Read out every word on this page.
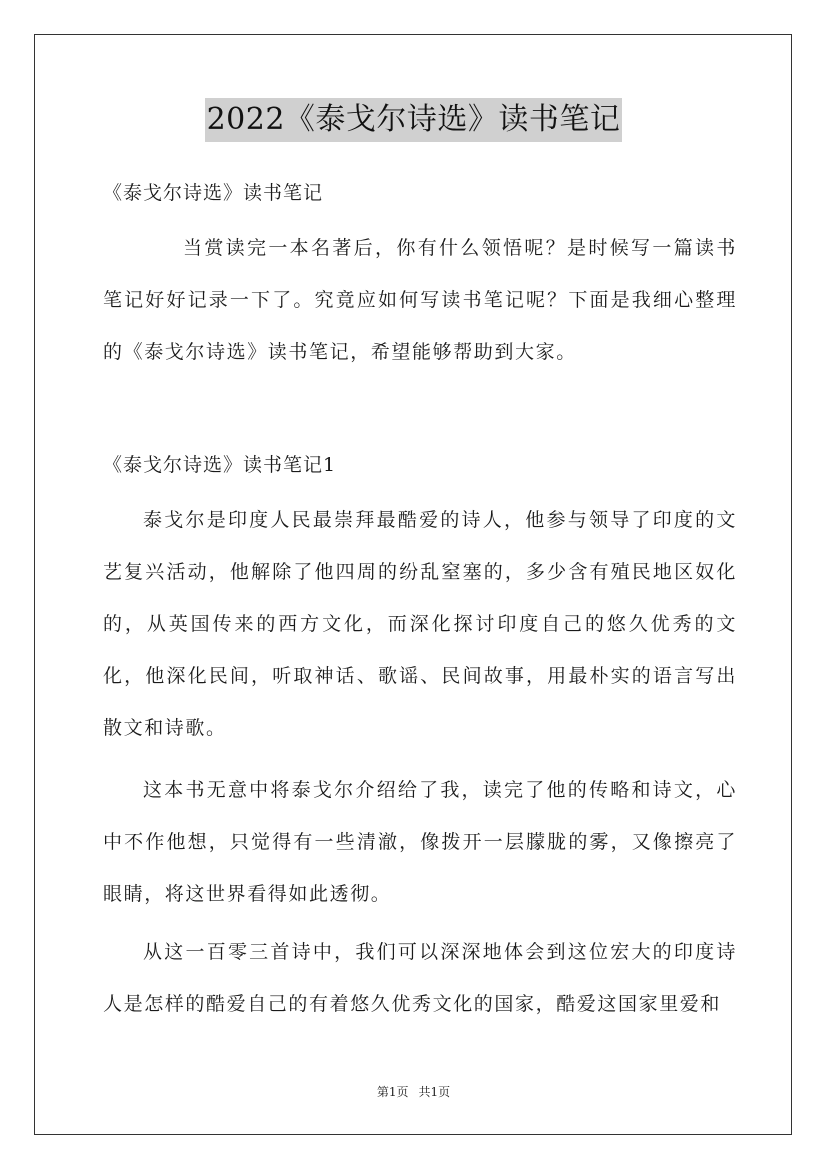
2022《泰戈尔诗选》读书笔记
《泰戈尔诗选》读书笔记
当赏读完一本名著后，你有什么领悟呢？是时候写一篇读书笔记好好记录一下了。究竟应如何写读书笔记呢？下面是我细心整理的《泰戈尔诗选》读书笔记，希望能够帮助到大家。
《泰戈尔诗选》读书笔记1
泰戈尔是印度人民最崇拜最酷爱的诗人，他参与领导了印度的文艺复兴活动，他解除了他四周的纷乱窒塞的，多少含有殖民地区奴化的，从英国传来的西方文化，而深化探讨印度自己的悠久优秀的文化，他深化民间，听取神话、歌谣、民间故事，用最朴实的语言写出散文和诗歌。
这本书无意中将泰戈尔介绍给了我，读完了他的传略和诗文，心中不作他想，只觉得有一些清澈，像拨开一层朦胧的雾，又像擦亮了眼睛，将这世界看得如此透彻。
从这一百零三首诗中，我们可以深深地体会到这位宏大的印度诗人是怎样的酷爱自己的有着悠久优秀文化的国家，酷爱这国家里爱和
第1页 共1页
